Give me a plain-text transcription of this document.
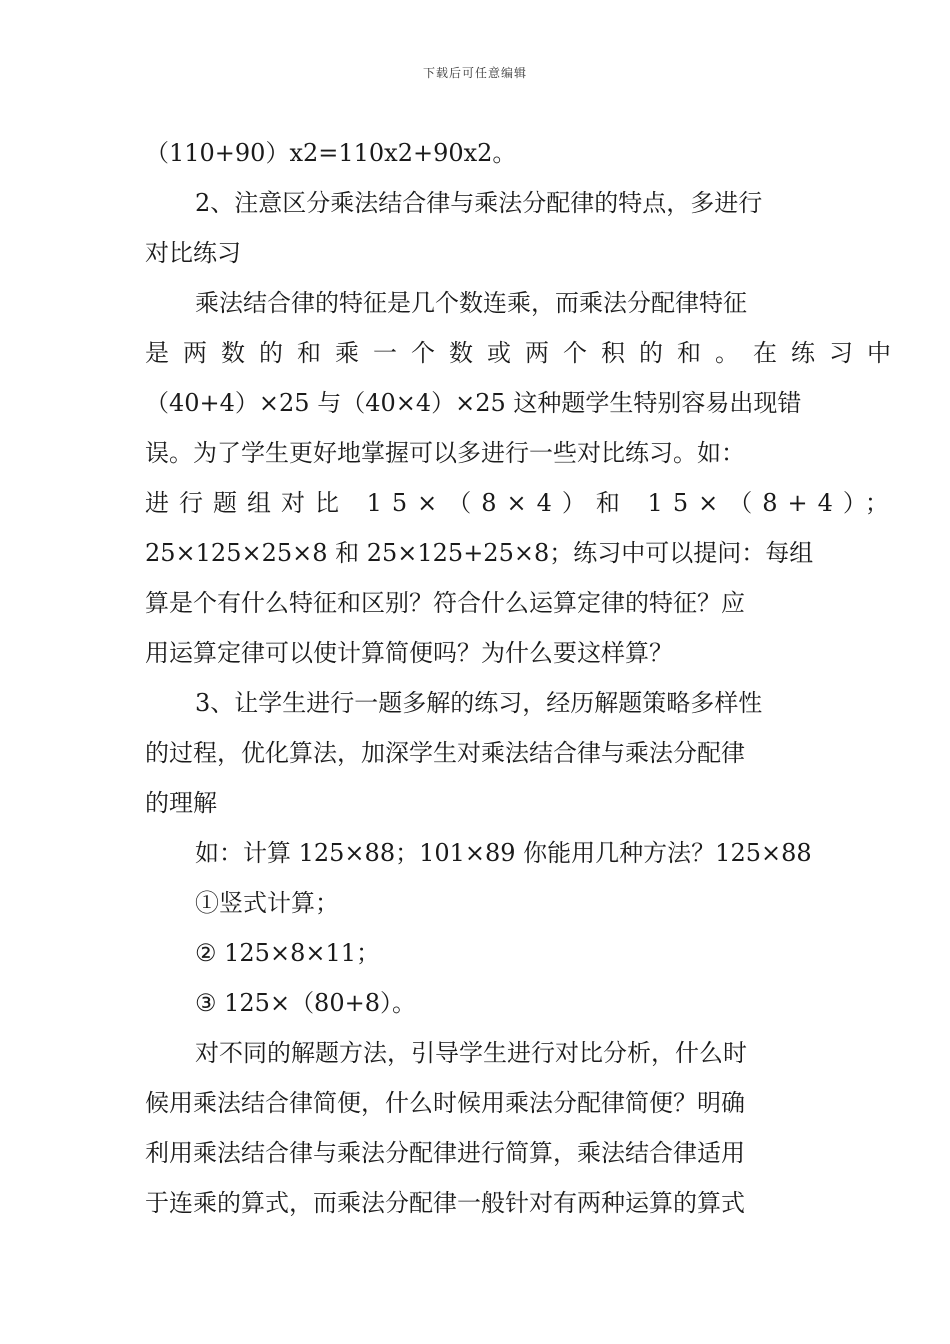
下载后可任意编辑
（110+90）x2=110x2+90x2。
2、注意区分乘法结合律与乘法分配律的特点，多进行
对比练习
乘法结合律的特征是几个数连乘，而乘法分配律特征
是两数的和乘一个数或两个积的和。在练习中
（40+4）×25 与（40×4）×25 这种题学生特别容易出现错
误。为了学生更好地掌握可以多进行一些对比练习。如：
进行题组对比 15×（8×4）和 15×（8+4）；
25×125×25×8 和 25×125+25×8；练习中可以提问：每组
算是个有什么特征和区别？符合什么运算定律的特征？应
用运算定律可以使计算简便吗？为什么要这样算？
3、让学生进行一题多解的练习，经历解题策略多样性
的过程，优化算法，加深学生对乘法结合律与乘法分配律
的理解
如：计算 125×88；101×89 你能用几种方法？125×88
①竖式计算；
② 125×8×11；
③ 125×（80+8）。
对不同的解题方法，引导学生进行对比分析，什么时
候用乘法结合律简便，什么时候用乘法分配律简便？明确
利用乘法结合律与乘法分配律进行简算，乘法结合律适用
于连乘的算式，而乘法分配律一般针对有两种运算的算式
